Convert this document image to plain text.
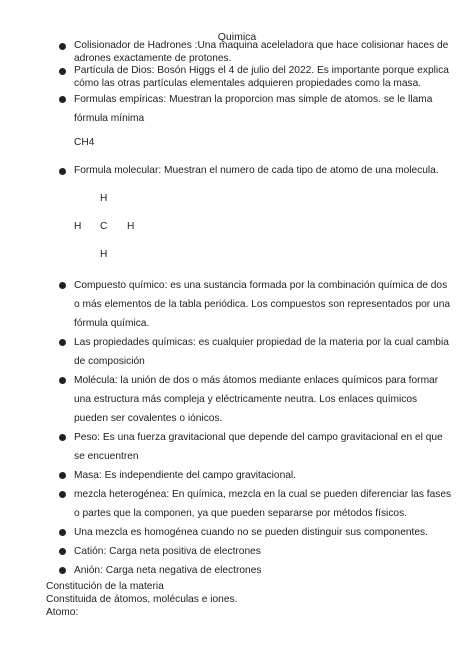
Quimica
Colisionador de Hadrones :Una maquina aceleladora que hace colisionar haces de adrones exactamente de protones.
Partícula de Dios: Bosón Higgs el 4 de julio del 2022. Es importante porque explica cómo las otras partículas elementales adquieren propiedades como la masa.
Formulas empíricas: Muestran la proporcion mas simple de atomos. se le llama fórmula mínima
CH4
Formula molecular: Muestran el numero de cada tipo de atomo de una molecula.
H
H C H
H
Compuesto químico: es una sustancia formada por la combinación química de dos o más elementos de la tabla periódica. Los compuestos son representados por una fórmula química.
Las propiedades químicas: es cualquier propiedad de la materia por la cual cambia de composición
Molécula: la unión de dos o más átomos mediante enlaces químicos para formar una estructura más compleja y eléctricamente neutra. Los enlaces químicos pueden ser covalentes o iónicos.
Peso: Es una fuerza gravitacional que depende del campo gravitacional en el que se encuentren
Masa: Es independiente del campo gravitacional.
mezcla heterogénea: En química, mezcla en la cual se pueden diferenciar las fases o partes que la componen, ya que pueden separarse por métodos físicos.
Una mezcla es homogénea cuando no se pueden distinguir sus componentes.
Catión: Carga neta positiva de electrones
Anión: Carga neta negativa de electrones
Constitución de la materia
Constituida de átomos, moléculas e iones.
Atomo:
